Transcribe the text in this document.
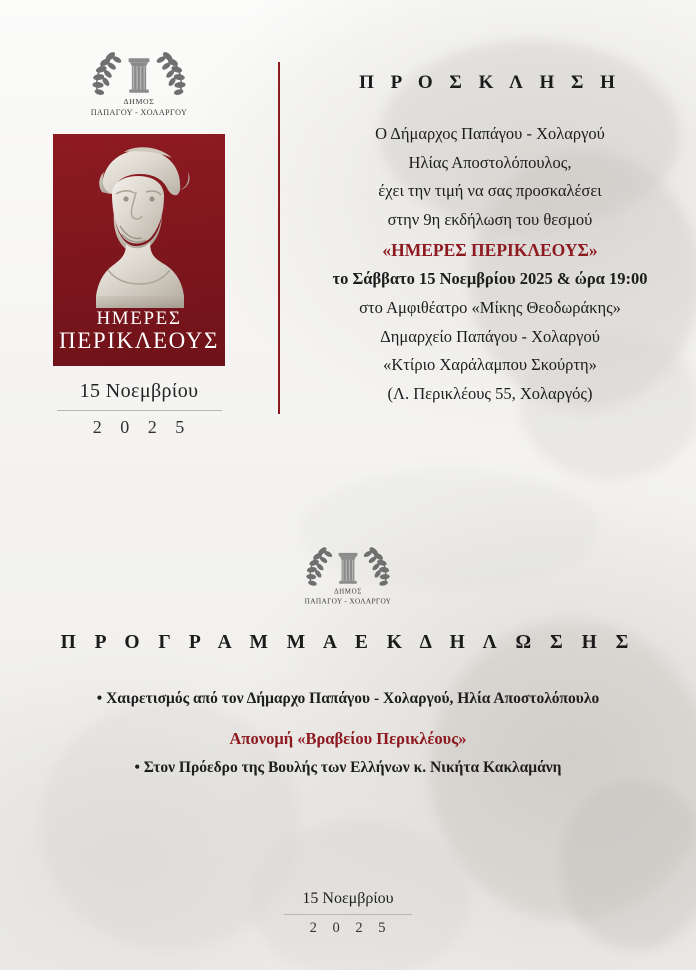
ΔΗΜΟΣ
ΠΑΠΑΓΟΥ - ΧΟΛΑΡΓΟΥ
ΗΜΕΡΕΣ
ΠΕΡΙΚΛΕΟΥΣ
15 Νοεμβρίου
2 0 2 5
Π Ρ Ο Σ Κ Λ Η Σ Η
Ο Δήμαρχος Παπάγου - Χολαργού
Ηλίας Αποστολόπουλος,
έχει την τιμή να σας προσκαλέσει
στην 9η εκδήλωση του θεσμού
«ΗΜΕΡΕΣ ΠΕΡΙΚΛΕΟΥΣ»
το Σάββατο 15 Νοεμβρίου 2025 & ώρα 19:00
στο Αμφιθέατρο «Μίκης Θεοδωράκης»
Δημαρχείο Παπάγου - Χολαργού
«Κτίριο Χαράλαμπου Σκούρτη»
(Λ. Περικλέους 55, Χολαργός)
ΔΗΜΟΣ
ΠΑΠΑΓΟΥ - ΧΟΛΑΡΓΟΥ
Π Ρ Ο Γ Ρ Α Μ Μ Α Ε Κ Δ Η Λ Ω Σ Η Σ
• Χαιρετισμός από τον Δήμαρχο Παπάγου - Χολαργού, Ηλία Αποστολόπουλο
Απονομή «Βραβείου Περικλέους»
• Στον Πρόεδρο της Βουλής των Ελλήνων κ. Νικήτα Κακλαμάνη
15 Νοεμβρίου
2 0 2 5
